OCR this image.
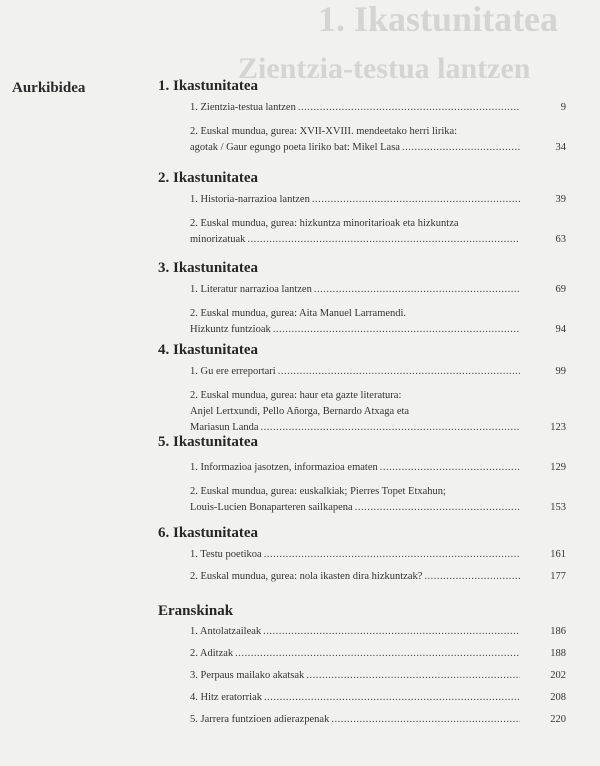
1. Ikastunitatea
Zientzia-testua lantzen
Aurkibidea	1. Ikastunitatea
1. Zientzia-testua lantzen .....	9
2. Euskal mundua, gurea: XVII-XVIII. mendeetako herri lirika:
agotak / Gaur egungo poeta liriko bat: Mikel Lasa .....	34
2. Ikastunitatea
1. Historia-narrazioa lantzen .....	39
2. Euskal mundua, gurea: hizkuntza minoritarioak eta hizkuntza
minorizatuak .....	63
3. Ikastunitatea
1. Literatur narrazioa lantzen .....	69
2. Euskal mundua, gurea: Aita Manuel Larramendi.
Hizkuntz funtzioak .....	94
4. Ikastunitatea
1. Gu ere erreportari .....	99
2. Euskal mundua, gurea: haur eta gazte literatura:
Anjel Lertxundi, Pello Añorga, Bernardo Atxaga eta
Mariasun Landa .....	123
5. Ikastunitatea
1. Informazioa jasotzen, informazioa ematen .....	129
2. Euskal mundua, gurea: euskalkiak; Pierres Topet Etxahun;
Louis-Lucien Bonaparteren sailkapena .....	153
6. Ikastunitatea
1. Testu poetikoa .....	161
2. Euskal mundua, gurea: nola ikasten dira hizkuntzak? .....	177
Eranskinak
1. Antolatzaileak .....	186
2. Aditzak .....	188
3. Perpaus mailako akatsak .....	202
4. Hitz eratorriak .....	208
5. Jarrera funtzioen adierazpenak .....	220
